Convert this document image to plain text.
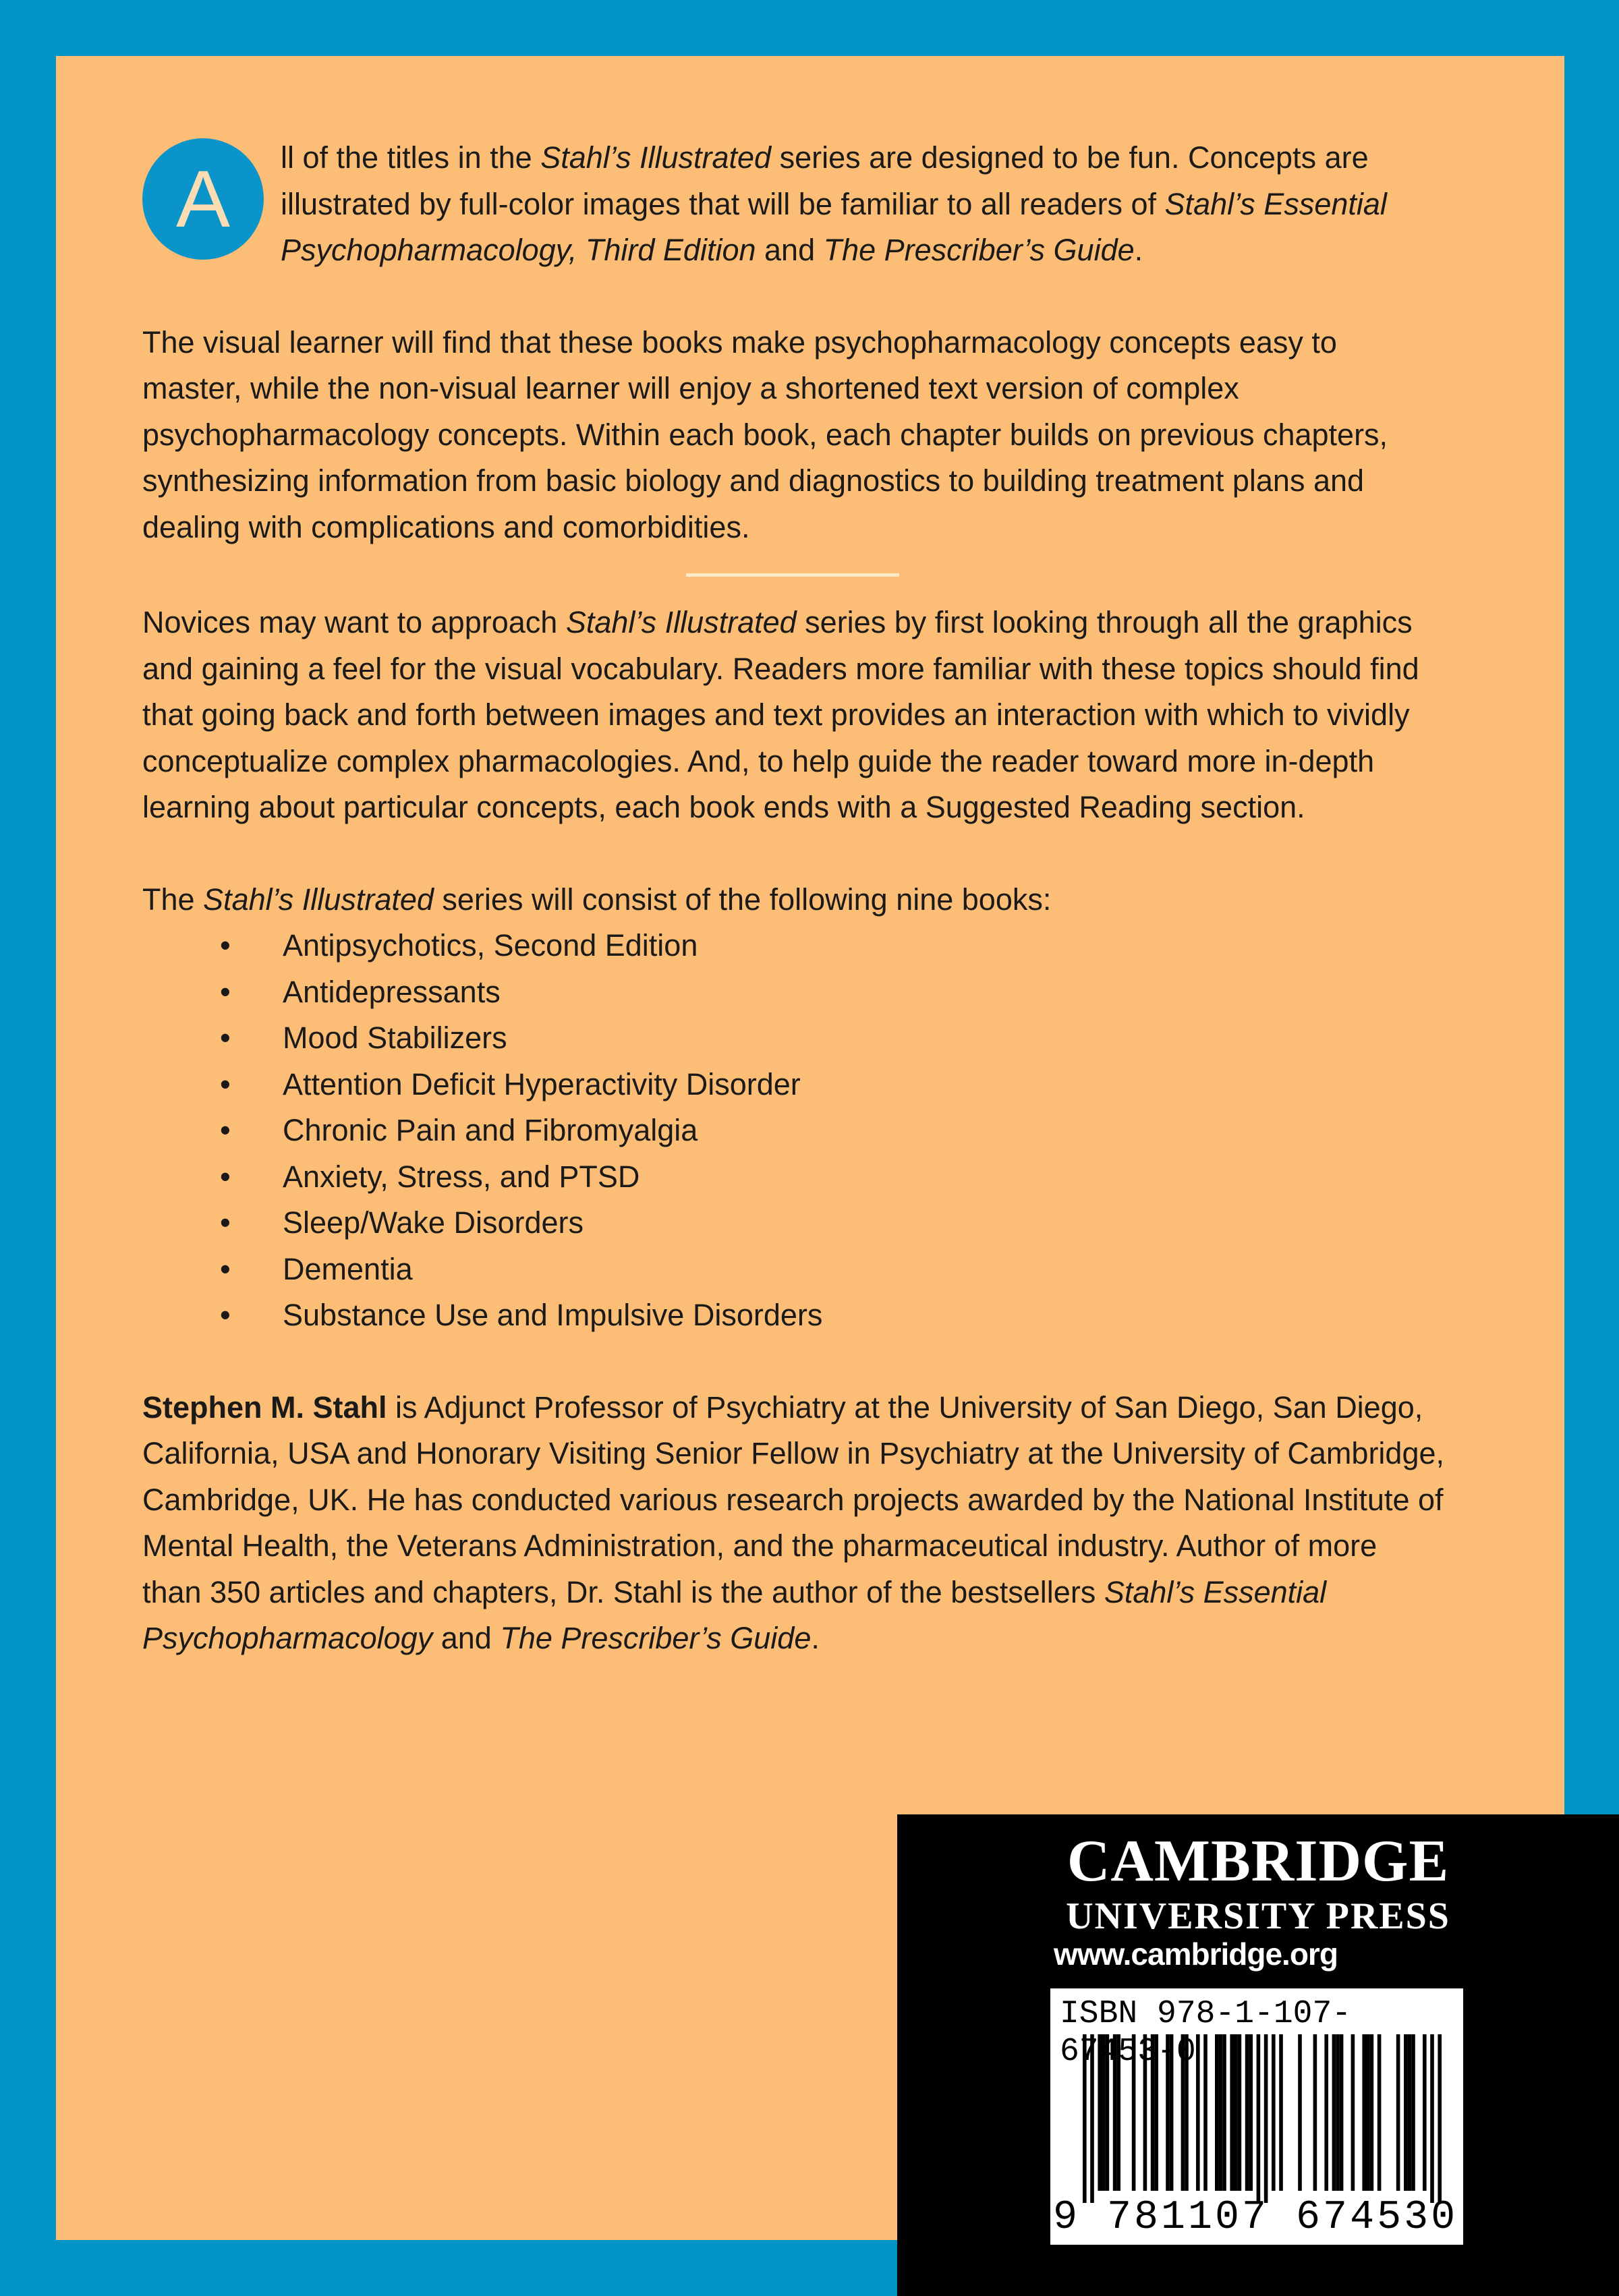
A	ll of the titles in the Stahl’s Illustrated series are designed to be fun. Concepts are illustrated by full-color images that will be familiar to all readers of Stahl’s Essential Psychopharmacology, Third Edition and The Prescriber’s Guide.

The visual learner will find that these books make psychopharmacology concepts easy to master, while the non-visual learner will enjoy a shortened text version of complex psychopharmacology concepts. Within each book, each chapter builds on previous chapters, synthesizing information from basic biology and diagnostics to building treatment plans and dealing with complications and comorbidities.

Novices may want to approach Stahl’s Illustrated series by first looking through all the graphics and gaining a feel for the visual vocabulary. Readers more familiar with these topics should find that going back and forth between images and text provides an interaction with which to vividly conceptualize complex pharmacologies. And, to help guide the reader toward more in-depth learning about particular concepts, each book ends with a Suggested Reading section.

The Stahl’s Illustrated series will consist of the following nine books:

• Antipsychotics, Second Edition
• Antidepressants
• Mood Stabilizers
• Attention Deficit Hyperactivity Disorder
• Chronic Pain and Fibromyalgia
• Anxiety, Stress, and PTSD
• Sleep/Wake Disorders
• Dementia
• Substance Use and Impulsive Disorders

Stephen M. Stahl is Adjunct Professor of Psychiatry at the University of San Diego, San Diego, California, USA and Honorary Visiting Senior Fellow in Psychiatry at the University of Cambridge, Cambridge, UK. He has conducted various research projects awarded by the National Institute of Mental Health, the Veterans Administration, and the pharmaceutical industry. Author of more than 350 articles and chapters, Dr. Stahl is the author of the bestsellers Stahl’s Essential Psychopharmacology and The Prescriber’s Guide.

CAMBRIDGE
UNIVERSITY PRESS
www.cambridge.org
ISBN 978-1-107-67453-0
9 781107 674530 >
